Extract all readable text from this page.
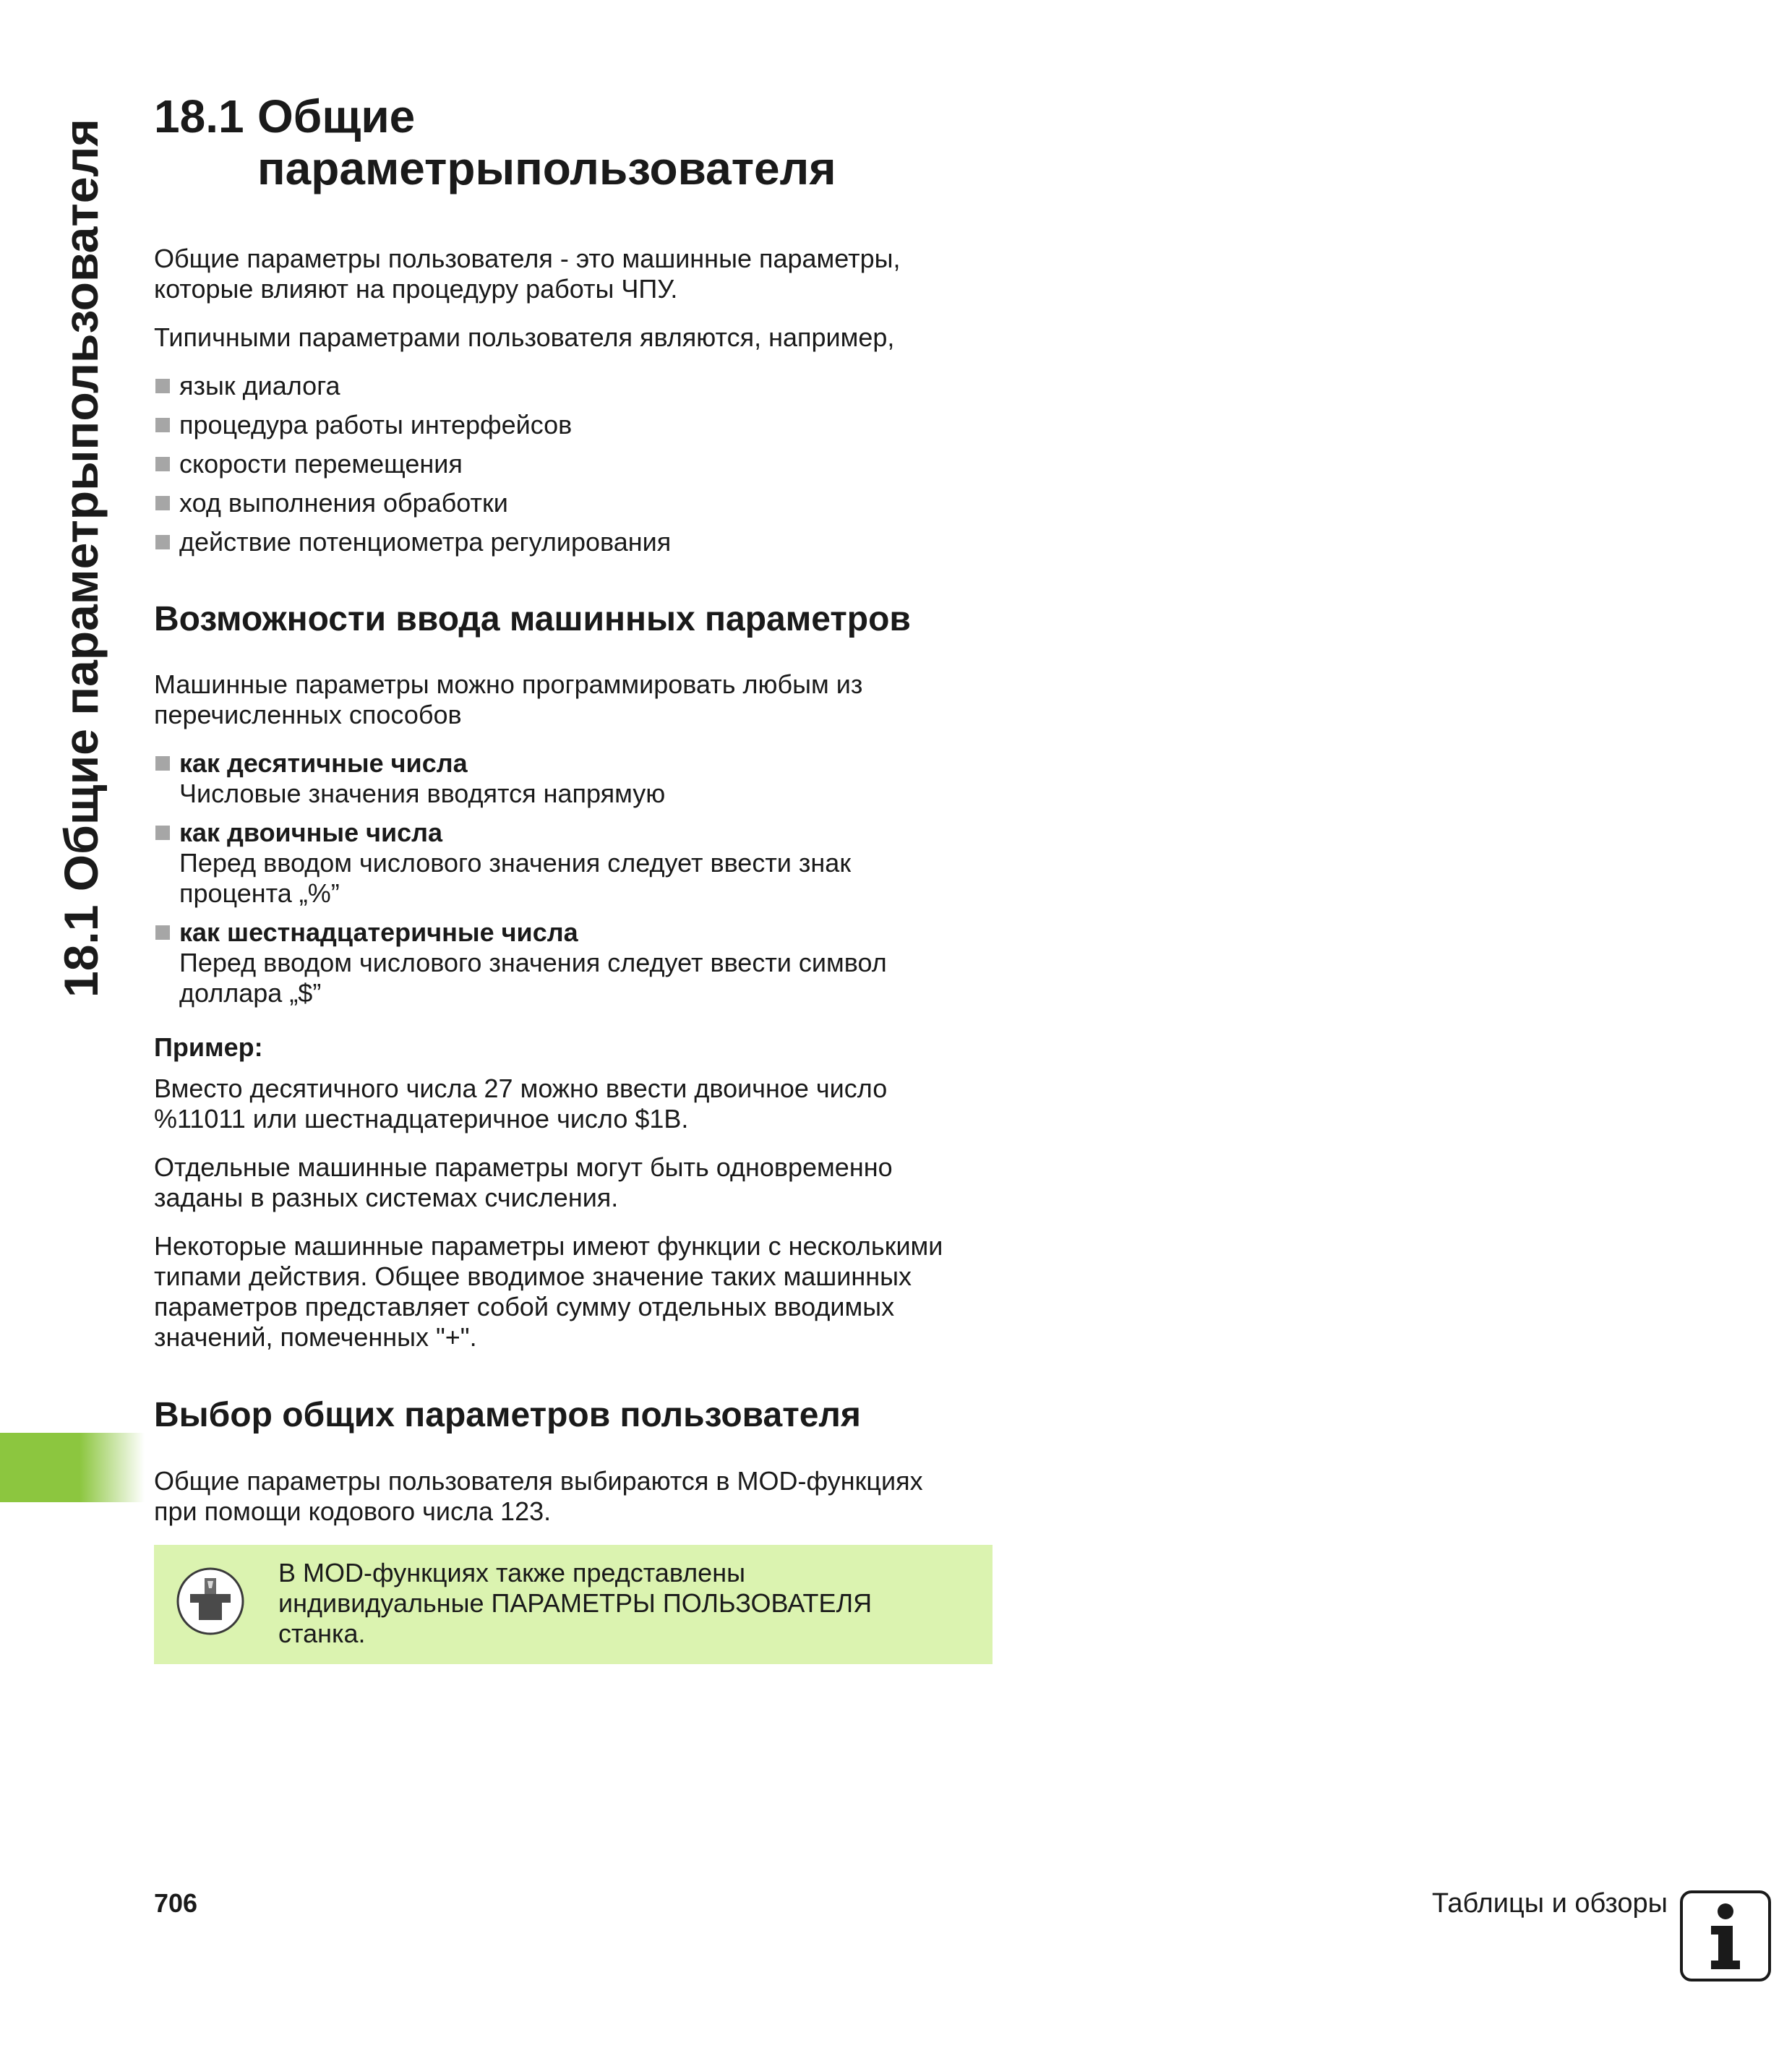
18.1 Общие параметрыпользователя
18.1 Общие
параметрыпользователя
Общие параметры пользователя - это машинные параметры,
которые влияют на процедуру работы ЧПУ.
Типичными параметрами пользователя являются, например,
язык диалога
процедура работы интерфейсов
скорости перемещения
ход выполнения обработки
действие потенциометра регулирования
Возможности ввода машинных параметров
Машинные параметры можно программировать любым из
перечисленных способов
как десятичные числа
Числовые значения вводятся напрямую
как двоичные числа
Перед вводом числового значения следует ввести знак
процента „%”
как шестнадцатеричные числа
Перед вводом числового значения следует ввести символ
доллара „$”
Пример:
Вместо десятичного числа 27 можно ввести двоичное число
%11011 или шестнадцатеричное число $1B.
Отдельные машинные параметры могут быть одновременно
заданы в разных системах счисления.
Некоторые машинные параметры имеют функции с несколькими
типами действия. Общее вводимое значение таких машинных
параметров представляет собой сумму отдельных вводимых
значений, помеченных "+".
Выбор общих параметров пользователя
Общие параметры пользователя выбираются в MOD-функциях
при помощи кодового числа 123.
В MOD-функциях также представлены
индивидуальные ПАРАМЕТРЫ ПОЛЬЗОВАТЕЛЯ
станка.
706	Таблицы и обзоры
